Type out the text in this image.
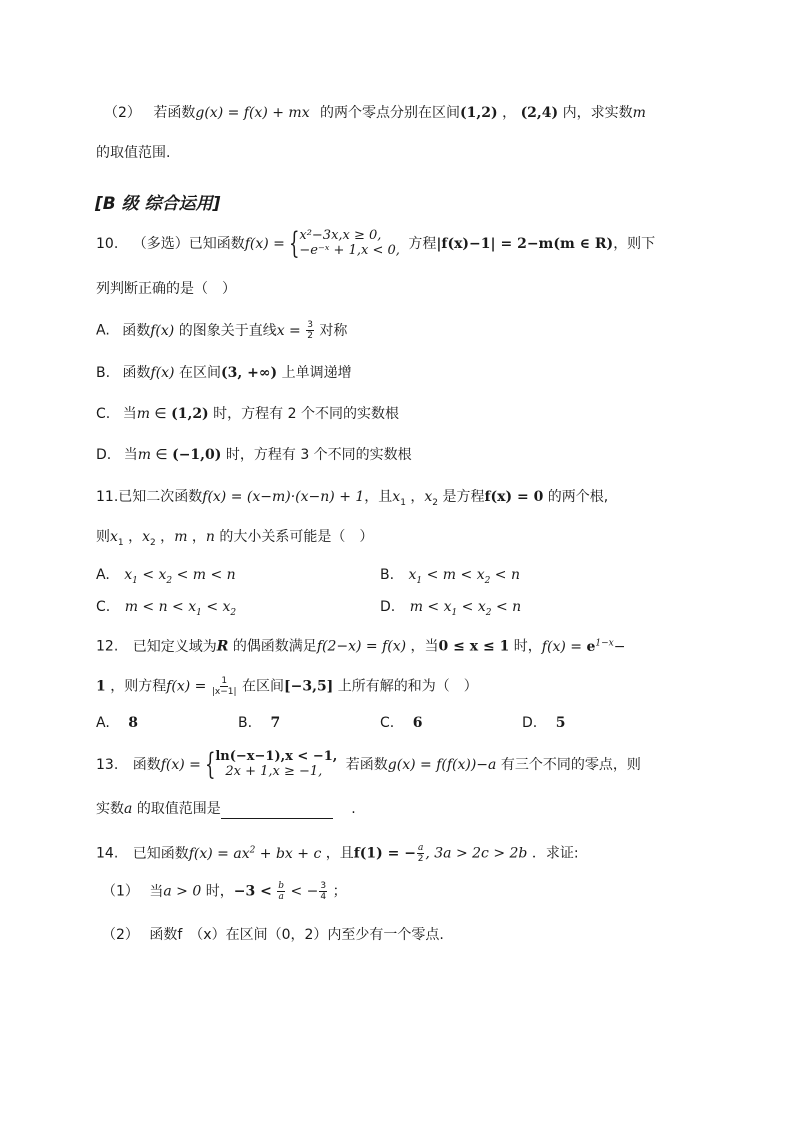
（2） 若函数g(x) = f(x) + mx 的两个零点分别在区间(1,2) ， (2,4) 内，求实数m
的取值范围.
[B 级 综合运用]
10. （多选）已知函数f(x) = { x²−3x,x ≥ 0,
−e⁻ˣ + 1,x < 0, 方程|f(x)−1| = 2−m(m ∈ R)，则下
列判断正确的是（　）
A. 函数f(x) 的图象关于直线$x = \frac{3}{2}$ 对称
B. 函数f(x) 在区间(3, +∞) 上单调递增
C. 当m ∈ (1,2) 时，方程有 2 个不同的实数根
D. 当m ∈ (−1,0) 时，方程有 3 个不同的实数根
11.已知二次函数f(x) = (x−m)·(x−n) + 1，且$x_1$ ，$x_2$ 是方程f(x) = 0 的两个根,
则$x_1$ ，$x_2$ ，m ，n 的大小关系可能是（　）
A. $x_1 < x_2 < m < n$	B. $x_1 < m < x_2 < n$
C. $m < n < x_1 < x_2$	D. $m < x_1 < x_2 < n$
12. 已知定义域为R 的偶函数满足f(2−x) = f(x) ，当0 ≤ x ≤ 1 时，$f(x) = e^{1-x}-$
1 ，则方程$f(x) = \frac{1}{|x-1|}$ 在区间[−3,5] 上所有解的和为（　）
A. 8	B. 7	C. 6	D. 5
13. 函数f(x) = { ln(−x−1),x < −1,
2x + 1,x ≥ −1,	若函数g(x) = f(f(x))−a 有三个不同的零点，则
实数a 的取值范围是	.
14. 已知函数$f(x) = ax^2$ + bx + c ，且f(1) = − $\frac{a}{2}$ , 3a > 2c > 2b ．求证:
（1） 当a > 0 时，$-3 < \frac{b}{a}$ < − $\frac{3}{4}$ ；
（2） 函数f　（x）在区间（0，2）内至少有一个零点.
